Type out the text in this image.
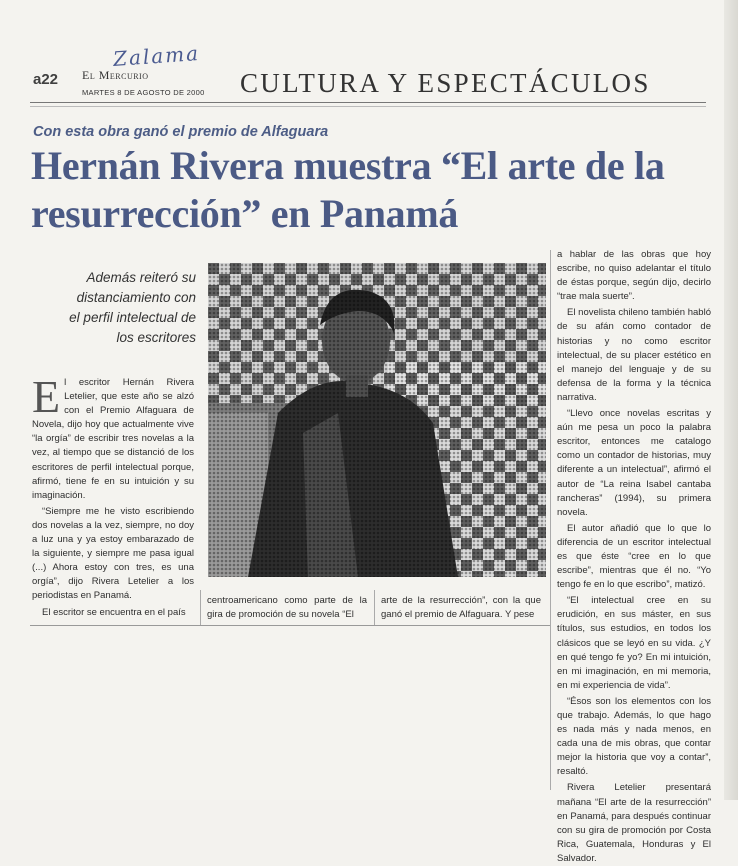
Zalama
a22 El Mercurio
MARTES 8 DE AGOSTO DE 2000 CULTURA Y ESPECTÁCULOS
Con esta obra ganó el premio de Alfaguara
Hernán Rivera muestra “El arte de la resurrección” en Panamá
Además reiteró su
distanciamiento con
el perfil intelectual de
los escritores

El escritor Hernán Rivera Letelier, que este año se alzó con el Premio Alfaguara de Novela, dijo hoy que actualmente vive “la orgía” de escribir tres novelas a la vez, al tiempo que se distanció de los escritores de perfil intelectual porque, afirmó, tiene fe en su intuición y su imaginación.

“Siempre me he visto escribiendo dos novelas a la vez, siempre, no doy a luz una y ya estoy embarazado de la siguiente, y siempre me pasa igual (...) Ahora estoy con tres, es una orgía”, dijo Rivera Letelier a los periodistas en Panamá.

El escritor se encuentra en el país

centroamericano como parte de la gira de promoción de su novela “El

arte de la resurrección”, con la que ganó el premio de Alfaguara. Y pese

a hablar de las obras que hoy escribe, no quiso adelantar el título de éstas porque, según dijo, decirlo “trae mala suerte”.

El novelista chileno también habló de su afán como contador de historias y no como escritor intelectual, de su placer estético en el manejo del lenguaje y de su defensa de la forma y la técnica narrativa.

“Llevo once novelas escritas y aún me pesa un poco la palabra escritor, entonces me catalogo como un contador de historias, muy diferente a un intelectual”, afirmó el autor de “La reina Isabel cantaba rancheras” (1994), su primera novela.

El autor añadió que lo que lo diferencia de un escritor intelectual es que éste “cree en lo que escribe”, mientras que él no. “Yo tengo fe en lo que escribo”, matizó.

“El intelectual cree en su erudición, en sus máster, en sus títulos, sus estudios, en todos los clásicos que se leyó en su vida. ¿Y en qué tengo fe yo? En mi intuición, en mi imaginación, en mi memoria, en mi experiencia de vida”.

“Ésos son los elementos con los que trabajo. Además, lo que hago es nada más y nada menos, en cada una de mis obras, que contar mejor la historia que voy a contar”, resaltó.

Rivera Letelier presentará mañana “El arte de la resurrección” en Panamá, para después continuar con su gira de promoción por Costa Rica, Guatemala, Honduras y El Salvador.
